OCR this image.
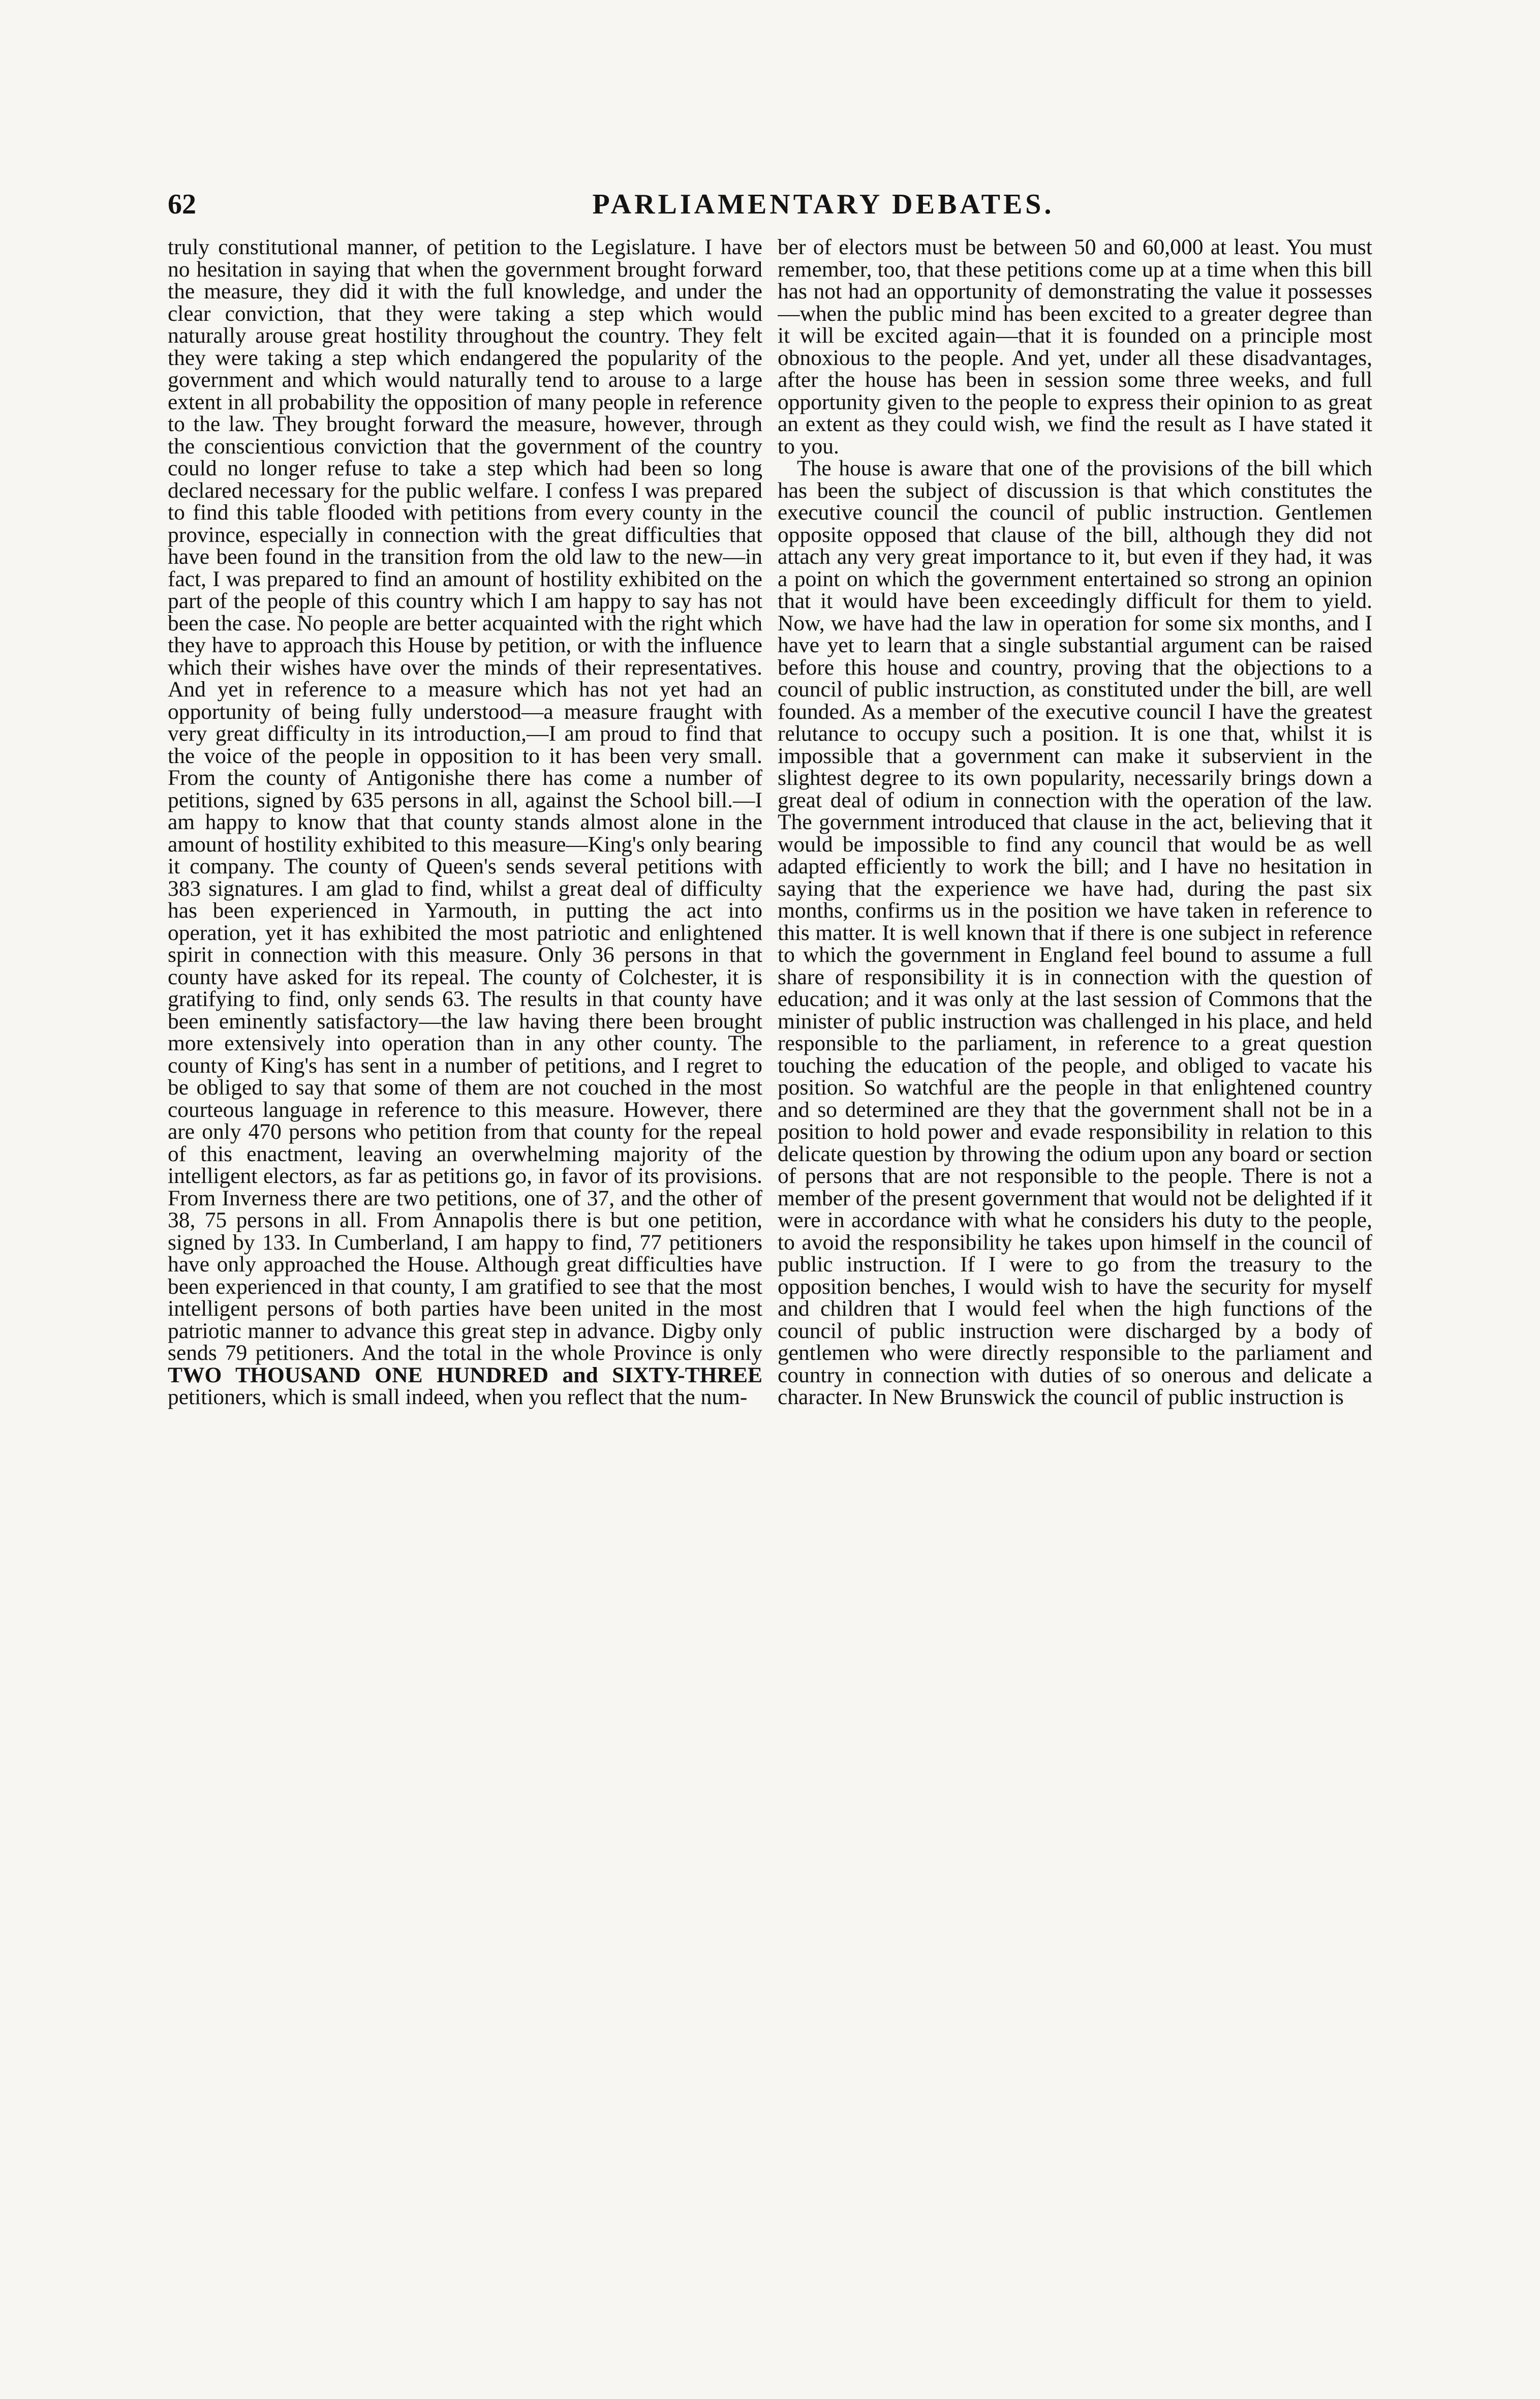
62	PARLIAMENTARY DEBATES.

truly constitutional manner, of petition to the Legislature. I have no hesitation in saying that when the government brought forward the measure, they did it with the full knowledge, and under the clear conviction, that they were taking a step which would naturally arouse great hostility throughout the country. They felt they were taking a step which endangered the popularity of the government and which would naturally tend to arouse to a large extent in all probability the opposition of many people in reference to the law. They brought forward the measure, however, through the conscientious conviction that the government of the country could no longer refuse to take a step which had been so long declared necessary for the public welfare. I confess I was prepared to find this table flooded with petitions from every county in the province, especially in connection with the great difficulties that have been found in the transition from the old law to the new—in fact, I was prepared to find an amount of hostility exhibited on the part of the people of this country which I am happy to say has not been the case. No people are better acquainted with the right which they have to approach this House by petition, or with the influence which their wishes have over the minds of their representatives. And yet in reference to a measure which has not yet had an opportunity of being fully understood—a measure fraught with very great difficulty in its introduction,—I am proud to find that the voice of the people in opposition to it has been very small. From the county of Antigonishe there has come a number of petitions, signed by 635 persons in all, against the School bill.—I am happy to know that that county stands almost alone in the amount of hostility exhibited to this measure—King's only bearing it company. The county of Queen's sends several petitions with 383 signatures. I am glad to find, whilst a great deal of difficulty has been experienced in Yarmouth, in putting the act into operation, yet it has exhibited the most patriotic and enlightened spirit in connection with this measure. Only 36 persons in that county have asked for its repeal. The county of Colchester, it is gratifying to find, only sends 63. The results in that county have been eminently satisfactory—the law having there been brought more extensively into operation than in any other county. The county of King's has sent in a number of petitions, and I regret to be obliged to say that some of them are not couched in the most courteous language in reference to this measure. However, there are only 470 persons who petition from that county for the repeal of this enactment, leaving an overwhelming majority of the intelligent electors, as far as petitions go, in favor of its provisions. From Inverness there are two petitions, one of 37, and the other of 38, 75 persons in all. From Annapolis there is but one petition, signed by 133. In Cumberland, I am happy to find, 77 petitioners have only approached the House. Although great difficulties have been experienced in that county, I am gratified to see that the most intelligent persons of both parties have been united in the most patriotic manner to advance this great step in advance. Digby only sends 79 petitioners. And the total in the whole Province is only TWO THOUSAND ONE HUNDRED and SIXTY-THREE petitioners, which is small indeed, when you reflect that the num-

ber of electors must be between 50 and 60,000 at least. You must remember, too, that these petitions come up at a time when this bill has not had an opportunity of demonstrating the value it possesses—when the public mind has been excited to a greater degree than it will be excited again—that it is founded on a principle most obnoxious to the people. And yet, under all these disadvantages, after the house has been in session some three weeks, and full opportunity given to the people to express their opinion to as great an extent as they could wish, we find the result as I have stated it to you.

The house is aware that one of the provisions of the bill which has been the subject of discussion is that which constitutes the executive council the council of public instruction. Gentlemen opposite opposed that clause of the bill, although they did not attach any very great importance to it, but even if they had, it was a point on which the government entertained so strong an opinion that it would have been exceedingly difficult for them to yield. Now, we have had the law in operation for some six months, and I have yet to learn that a single substantial argument can be raised before this house and country, proving that the objections to a council of public instruction, as constituted under the bill, are well founded. As a member of the executive council I have the greatest relutance to occupy such a position. It is one that, whilst it is impossible that a government can make it subservient in the slightest degree to its own popularity, necessarily brings down a great deal of odium in connection with the operation of the law. The government introduced that clause in the act, believing that it would be impossible to find any council that would be as well adapted efficiently to work the bill; and I have no hesitation in saying that the experience we have had, during the past six months, confirms us in the position we have taken in reference to this matter. It is well known that if there is one subject in reference to which the government in England feel bound to assume a full share of responsibility it is in connection with the question of education; and it was only at the last session of Commons that the minister of public instruction was challenged in his place, and held responsible to the parliament, in reference to a great question touching the education of the people, and obliged to vacate his position. So watchful are the people in that enlightened country and so determined are they that the government shall not be in a position to hold power and evade responsibility in relation to this delicate question by throwing the odium upon any board or section of persons that are not responsible to the people. There is not a member of the present government that would not be delighted if it were in accordance with what he considers his duty to the people, to avoid the responsibility he takes upon himself in the council of public instruction. If I were to go from the treasury to the opposition benches, I would wish to have the security for myself and children that I would feel when the high functions of the council of public instruction were discharged by a body of gentlemen who were directly responsible to the parliament and country in connection with duties of so onerous and delicate a character. In New Brunswick the council of public instruction is
